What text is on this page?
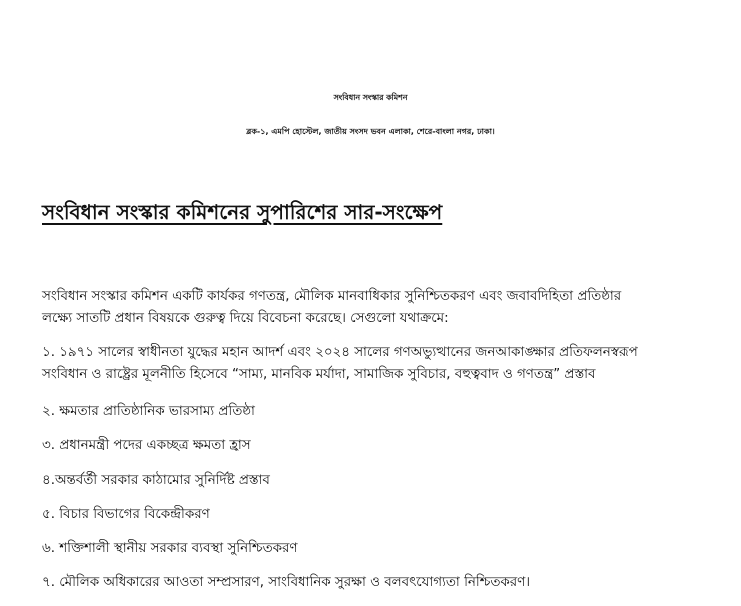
সংবিধান সংস্কার কমিশন
ব্লক-১, এমপি হোস্টেল, জাতীয় সংসদ ভবন এলাকা, শেরে-বাংলা নগর, ঢাকা।
সংবিধান সংস্কার কমিশনের সুপারিশের সার-সংক্ষেপ
সংবিধান সংস্কার কমিশন একটি কার্যকর গণতন্ত্র, মৌলিক মানবাধিকার সুনিশ্চিতকরণ এবং জবাবদিহিতা প্রতিষ্ঠার
লক্ষ্যে সাতটি প্রধান বিষয়কে গুরুত্ব দিয়ে বিবেচনা করেছে। সেগুলো যথাক্রমে:
১. ১৯৭১ সালের স্বাধীনতা যুদ্ধের মহান আদর্শ এবং ২০২৪ সালের গণঅভ্যুত্থানের জনআকাঙ্ক্ষার প্রতিফলনস্বরূপ
সংবিধান ও রাষ্ট্রের মূলনীতি হিসেবে “সাম্য, মানবিক মর্যাদা, সামাজিক সুবিচার, বহুত্ববাদ ও গণতন্ত্র” প্রস্তাব
২. ক্ষমতার প্রাতিষ্ঠানিক ভারসাম্য প্রতিষ্ঠা
৩. প্রধানমন্ত্রী পদের একচ্ছত্র ক্ষমতা হ্রাস
৪.অন্তর্বর্তী সরকার কাঠামোর সুনির্দিষ্ট প্রস্তাব
৫. বিচার বিভাগের বিকেন্দ্রীকরণ
৬. শক্তিশালী স্থানীয় সরকার ব্যবস্থা সুনিশ্চিতকরণ
৭. মৌলিক অধিকারের আওতা সম্প্রসারণ, সাংবিধানিক সুরক্ষা ও বলবৎযোগ্যতা নিশ্চিতকরণ।
